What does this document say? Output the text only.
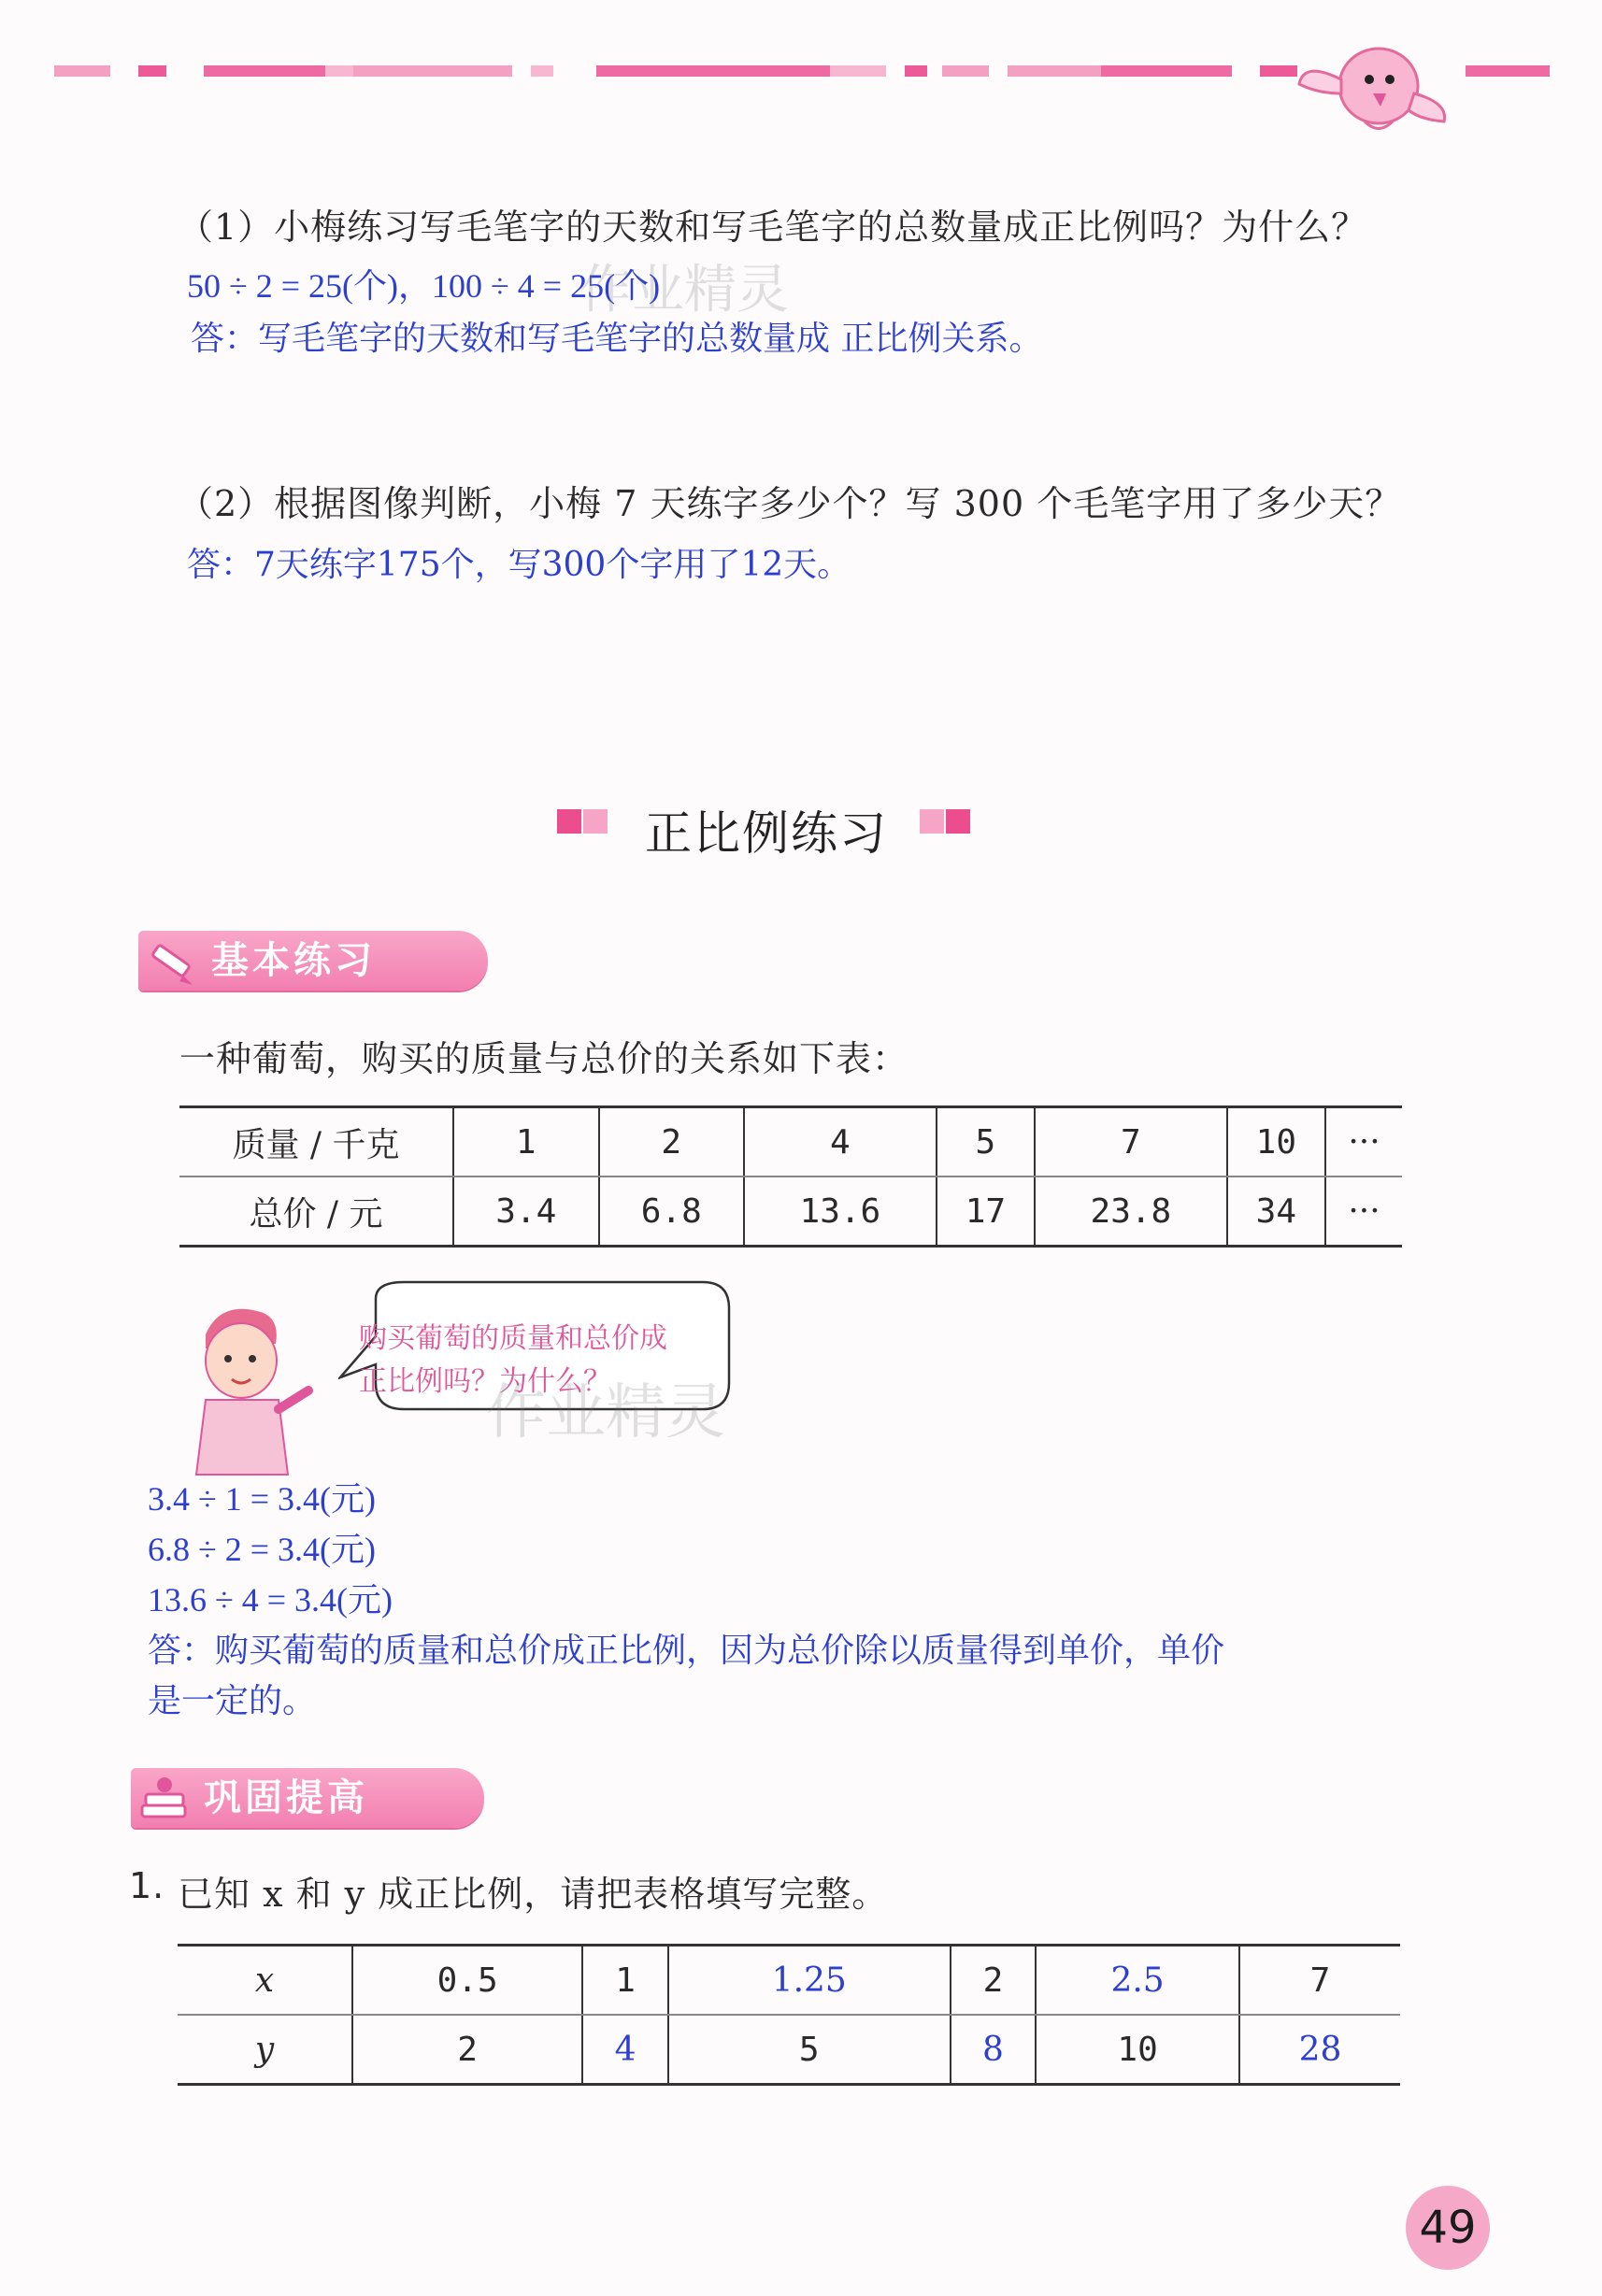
（1）小梅练习写毛笔字的天数和写毛笔字的总数量成正比例吗？为什么？
50 ÷ 2 = 25(个)，100 ÷ 4 = 25(个)
答：写毛笔字的天数和写毛笔字的总数量成 正比例关系。
（2）根据图像判断，小梅 7 天练字多少个？写 300 个毛笔字用了多少天？
答：7天练字175个，写300个字用了12天。
正比例练习
基本练习
一种葡萄，购买的质量与总价的关系如下表：
质量 / 千克	1	2	4	5	7	10	···
总价 / 元	3.4	6.8	13.6	17	23.8	34	···
购买葡萄的质量和总价成
正比例吗？为什么？
3.4 ÷ 1 = 3.4(元)
6.8 ÷ 2 = 3.4(元)
13.6 ÷ 4 = 3.4(元)
答：购买葡萄的质量和总价成正比例，因为总价除以质量得到单价，单价
是一定的。
巩固提高
1. 已知 x 和 y 成正比例，请把表格填写完整。
x	0.5	1	1.25	2	2.5	7
y	2	4	5	8	10	28
作业精灵
作业精灵
49
